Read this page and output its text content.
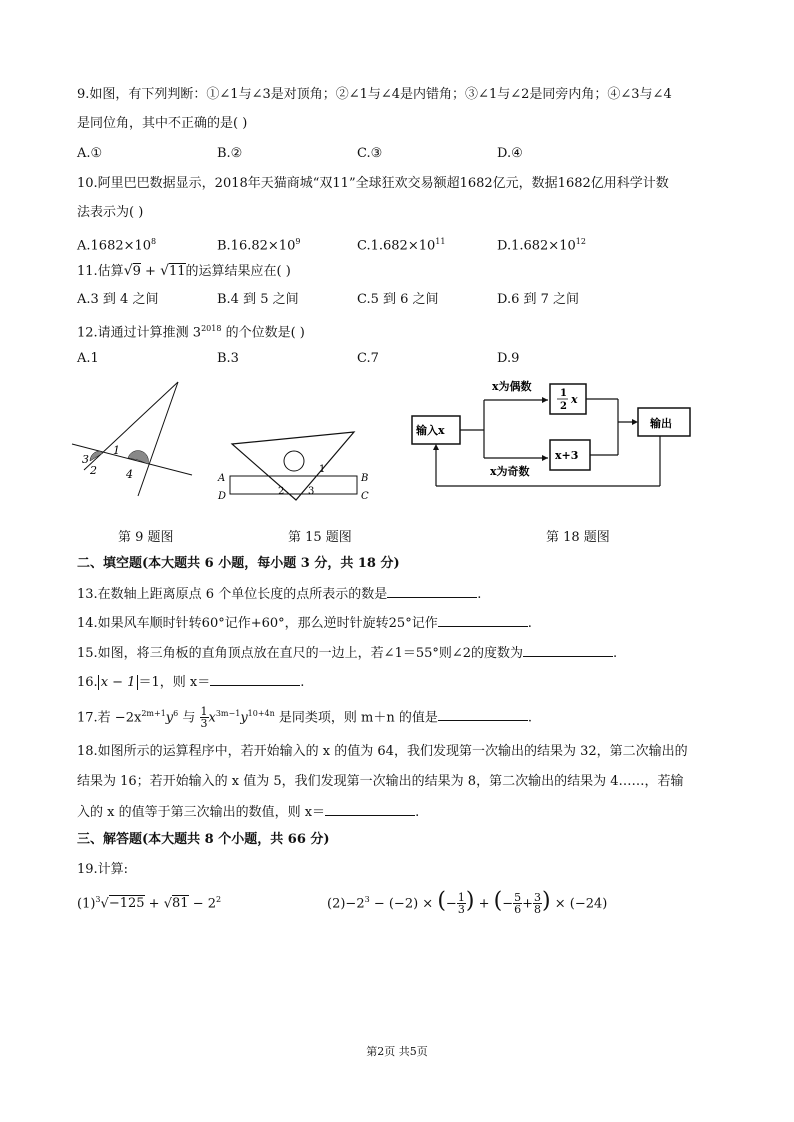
9.如图，有下列判断：①∠1与∠3是对顶角；②∠1与∠4是内错角；③∠1与∠2是同旁内角；④∠3与∠4
是同位角，其中不正确的是( )
A.①	B.②	C.③	D.④
10.阿里巴巴数据显示，2018年天猫商城“双11”全球狂欢交易额超1682亿元，数据1682亿用科学计数
法表示为( )
$A.1682\times 10^8$	$B.16.82\times 10^9$	$C.1.682\times 10^{11}$	$D.1.682\times 10^{12}$
11.估算√9 + √11的运算结果应在( )
A.3 到 4 之间	B.4 到 5 之间	C.5 到 6 之间	D.6 到 7 之间
12.请通过计算推测 $3^{2018}$ 的个位数是( )
A.1	B.3	C.7	D.9
1
2
3
4	A	B
C
D
1
2 3
输入x
x为偶数
x为奇数
1
2
x
x+3
输出
第 9 题图	第 15 题图	第 18 题图
二、填空题(本大题共 6 小题，每小题 3 分，共 18 分)
13.在数轴上距离原点 6 个单位长度的点所表示的数是	.
14.如果风车顺时针转60°记作+60°，那么逆时针旋转25°记作	.
15.如图，将三角板的直角顶点放在直尺的一边上，若∠1＝55°则∠2的度数为	.
16. x − 1 ＝1，则 x＝	.
17.若 $-2x^{2m+1}y^6$ 与 $\frac{1}{3} x^{3m-1}y^{10+4n}$ 是同类项，则 m＋n 的值是	.
18.如图所示的运算程序中，若开始输入的 x 的值为 64，我们发现第一次输出的结果为 32，第二次输出的
结果为 16；若开始输入的 x 值为 5，我们发现第一次输出的结果为 8，第二次输出的结果为 4……，若输
入的 x 的值等于第三次输出的数值，则 x＝	.
三、解答题(本大题共 8 个小题，共 66 分)
19.计算:
$(1)^3√-125 + √81 - 2^2$	$(2)-2^3 - (-2)$ × (− $\frac{1}{3}$ ) + (− $\frac{5}{6} + \frac{3}{8}$ ) × (−24)
第2页 共5页
